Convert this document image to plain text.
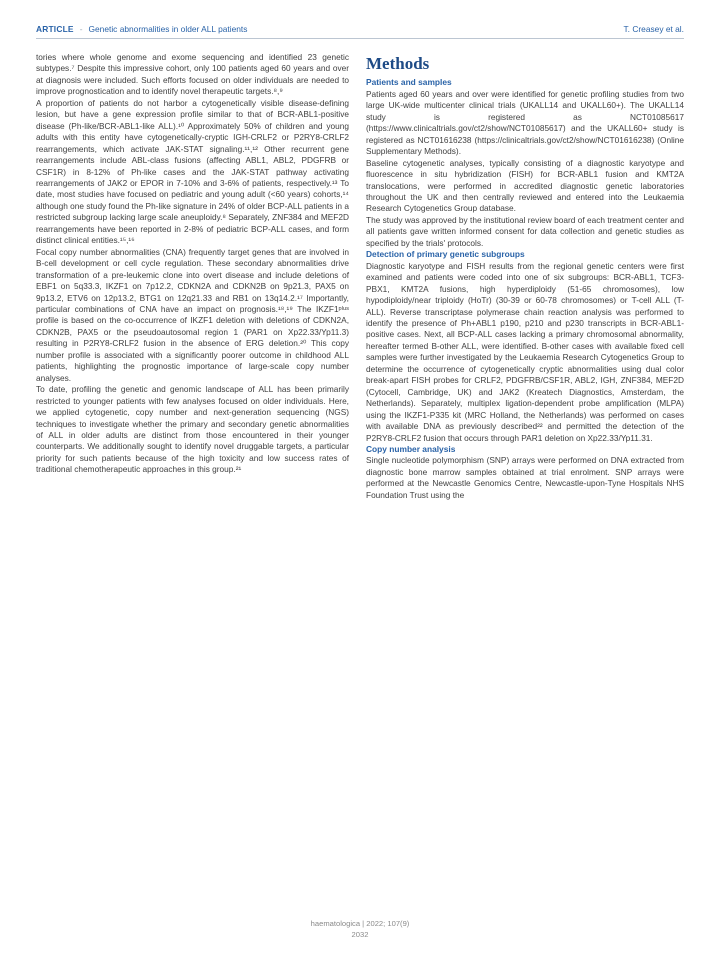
ARTICLE - Genetic abnormalities in older ALL patients	T. Creasey et al.

tories where whole genome and exome sequencing and identified 23 genetic subtypes.⁷ Despite this impressive cohort, only 100 patients aged 60 years and over at diagnosis were included. Such efforts focused on older individuals are needed to improve prognostication and to identify novel therapeutic targets.⁸,⁹

A proportion of patients do not harbor a cytogenetically visible disease-defining lesion, but have a gene expression profile similar to that of BCR-ABL1-positive disease (Ph-like/BCR-ABL1-like ALL).¹⁰ Approximately 50% of children and young adults with this entity have cytogenetically-cryptic IGH-CRLF2 or P2RY8-CRLF2 rearrangements, which activate JAK-STAT signaling.¹¹,¹² Other recurrent gene rearrangements include ABL-class fusions (affecting ABL1, ABL2, PDGFRB or CSF1R) in 8-12% of Ph-like cases and the JAK-STAT pathway activating rearrangements of JAK2 or EPOR in 7-10% and 3-6% of patients, respectively.¹³ To date, most studies have focused on pediatric and young adult (<60 years) cohorts,¹⁴ although one study found the Ph-like signature in 24% of older BCP-ALL patients in a restricted subgroup lacking large scale aneuploidy.⁸ Separately, ZNF384 and MEF2D rearrangements have been reported in 2-8% of pediatric BCP-ALL cases, and form distinct clinical entities.¹⁵,¹⁶

Focal copy number abnormalities (CNA) frequently target genes that are involved in B-cell development or cell cycle regulation. These secondary abnormalities drive transformation of a pre-leukemic clone into overt disease and include deletions of EBF1 on 5q33.3, IKZF1 on 7p12.2, CDKN2A and CDKN2B on 9p21.3, PAX5 on 9p13.2, ETV6 on 12p13.2, BTG1 on 12q21.33 and RB1 on 13q14.2.¹⁷ Importantly, particular combinations of CNA have an impact on prognosis.¹⁸,¹⁹ The IKZF1ᵖˡᵘˢ profile is based on the co-occurrence of IKZF1 deletion with deletions of CDKN2A, CDKN2B, PAX5 or the pseudoautosomal region 1 (PAR1 on Xp22.33/Yp11.3) resulting in P2RY8-CRLF2 fusion in the absence of ERG deletion.²⁰ This copy number profile is associated with a significantly poorer outcome in childhood ALL patients, highlighting the prognostic importance of large-scale copy number analyses.

To date, profiling the genetic and genomic landscape of ALL has been primarily restricted to younger patients with few analyses focused on older individuals. Here, we applied cytogenetic, copy number and next-generation sequencing (NGS) techniques to investigate whether the primary and secondary genetic abnormalities of ALL in older adults are distinct from those encountered in their younger counterparts. We additionally sought to identify novel druggable targets, a particular priority for such patients because of the high toxicity and low success rates of traditional chemotherapeutic approaches in this group.²¹

Methods
Patients and samples

Patients aged 60 years and over were identified for genetic profiling studies from two large UK-wide multicenter clinical trials (UKALL14 and UKALL60+). The UKALL14 study is registered as NCT01085617 (https://www.clinicaltrials.gov/ct2/show/NCT01085617) and the UKALL60+ study is registered as NCT01616238 (https://clinicaltrials.gov/ct2/show/NCT01616238) (Online Supplementary Methods).

Baseline cytogenetic analyses, typically consisting of a diagnostic karyotype and fluorescence in situ hybridization (FISH) for BCR-ABL1 fusion and KMT2A translocations, were performed in accredited diagnostic genetic laboratories throughout the UK and then centrally reviewed and entered into the Leukaemia Research Cytogenetics Group database.

The study was approved by the institutional review board of each treatment center and all patients gave written informed consent for data collection and genetic studies as specified by the trials' protocols.

Detection of primary genetic subgroups

Diagnostic karyotype and FISH results from the regional genetic centers were first examined and patients were coded into one of six subgroups: BCR-ABL1, TCF3-PBX1, KMT2A fusions, high hyperdiploidy (51-65 chromosomes), low hypodiploidy/near triploidy (HoTr) (30-39 or 60-78 chromosomes) or T-cell ALL (T-ALL). Reverse transcriptase polymerase chain reaction analysis was performed to identify the presence of Ph+ABL1 p190, p210 and p230 transcripts in BCR-ABL1-positive cases. Next, all BCP-ALL cases lacking a primary chromosomal abnormality, hereafter termed B-other ALL, were identified. B-other cases with available fixed cell samples were further investigated by the Leukaemia Research Cytogenetics Group to determine the occurrence of cytogenetically cryptic abnormalities using dual color break-apart FISH probes for CRLF2, PDGFRB/CSF1R, ABL2, IGH, ZNF384, MEF2D (Cytocell, Cambridge, UK) and JAK2 (Kreatech Diagnostics, Amsterdam, the Netherlands). Separately, multiplex ligation-dependent probe amplification (MLPA) using the IKZF1-P335 kit (MRC Holland, the Netherlands) was performed on cases with available DNA as previously described²² and permitted the detection of the P2RY8-CRLF2 fusion that occurs through PAR1 deletion on Xp22.33/Yp11.31.

Copy number analysis

Single nucleotide polymorphism (SNP) arrays were performed on DNA extracted from diagnostic bone marrow samples obtained at trial enrolment. SNP arrays were performed at the Newcastle Genomics Centre, Newcastle-upon-Tyne Hospitals NHS Foundation Trust using the

haematologica | 2022; 107(9)
2032
